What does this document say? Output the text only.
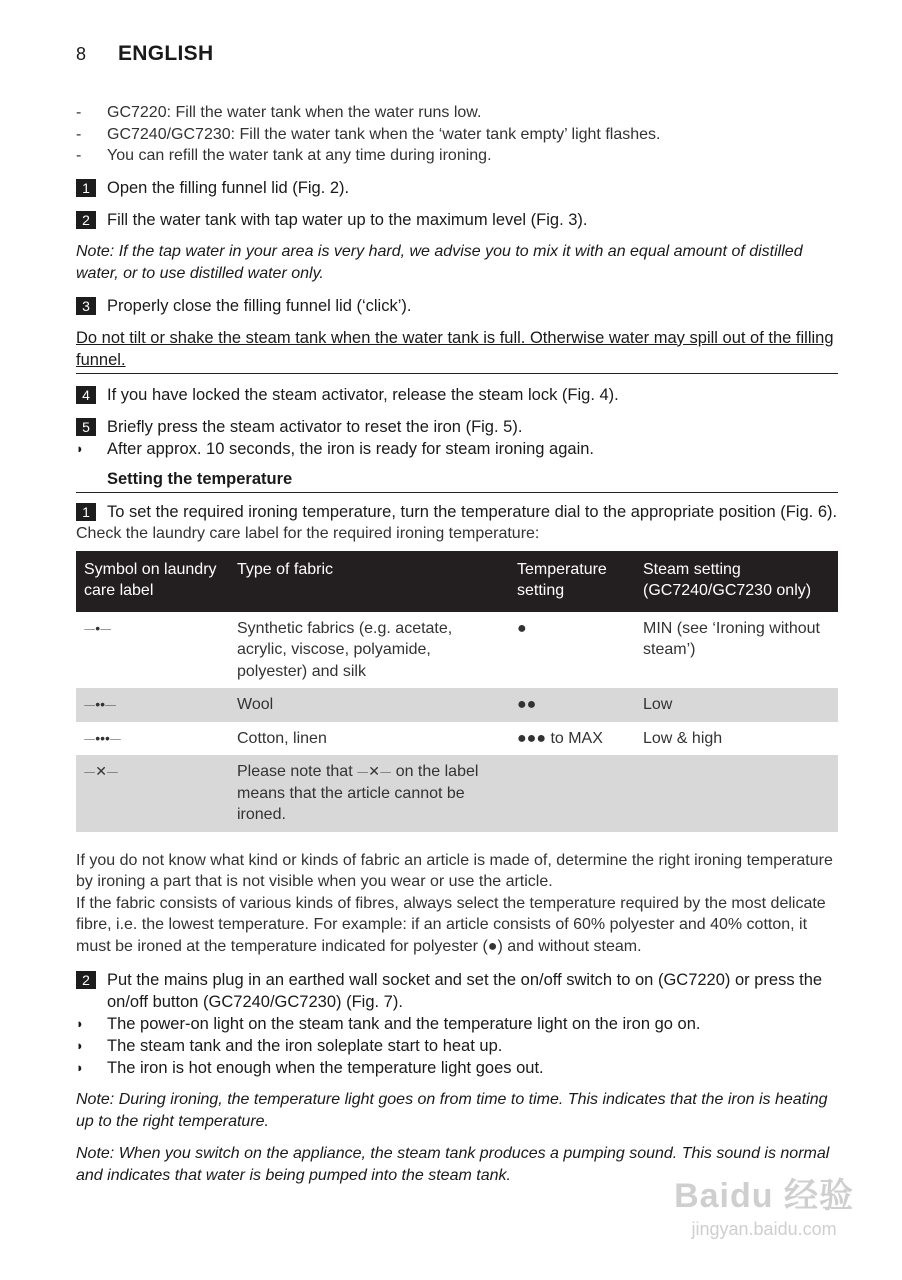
8	ENGLISH
-	GC7220: Fill the water tank when the water runs low.
-	GC7240/GC7230: Fill the water tank when the ‘water tank empty’ light flashes.
-	You can refill the water tank at any time during ironing.
1	Open the filling funnel lid (Fig. 2).
2	Fill the water tank with tap water up to the maximum level (Fig. 3).
Note: If the tap water in your area is very hard, we advise you to mix it with an equal amount of distilled water, or to use distilled water only.
3	Properly close the filling funnel lid (‘click’).
Do not tilt or shake the steam tank when the water tank is full. Otherwise water may spill out of the filling funnel.
4	If you have locked the steam activator, release the steam lock (Fig. 4).
5	Briefly press the steam activator to reset the iron (Fig. 5).
◗	After approx. 10 seconds, the iron is ready for steam ironing again.
Setting the temperature
1	To set the required ironing temperature, turn the temperature dial to the appropriate position (Fig. 6).
Check the laundry care label for the required ironing temperature:
Symbol on laundry care label	Type of fabric	Temperature setting	Steam setting (GC7240/GC7230 only)
⏤•⏤	Synthetic fabrics (e.g. acetate, acrylic, viscose, polyamide, polyester) and silk	●	MIN (see ‘Ironing without steam’)
⏤••⏤	Wool	●●	Low
⏤•••⏤	Cotton, linen	●●● to MAX	Low & high
⏤✕⏤	Please note that ⏤✕⏤ on the label means that the article cannot be ironed.		
If you do not know what kind or kinds of fabric an article is made of, determine the right ironing temperature by ironing a part that is not visible when you wear or use the article.
If the fabric consists of various kinds of fibres, always select the temperature required by the most delicate fibre, i.e. the lowest temperature. For example: if an article consists of 60% polyester and 40% cotton, it must be ironed at the temperature indicated for polyester (●) and without steam.
2	Put the mains plug in an earthed wall socket and set the on/off switch to on (GC7220) or press the on/off button (GC7240/GC7230) (Fig. 7).
◗	The power-on light on the steam tank and the temperature light on the iron go on.
◗	The steam tank and the iron soleplate start to heat up.
◗	The iron is hot enough when the temperature light goes out.
Note: During ironing, the temperature light goes on from time to time. This indicates that the iron is heating up to the right temperature.
Note: When you switch on the appliance, the steam tank produces a pumping sound. This sound is normal and indicates that water is being pumped into the steam tank.
Baidu 经验
jingyan.baidu.com
